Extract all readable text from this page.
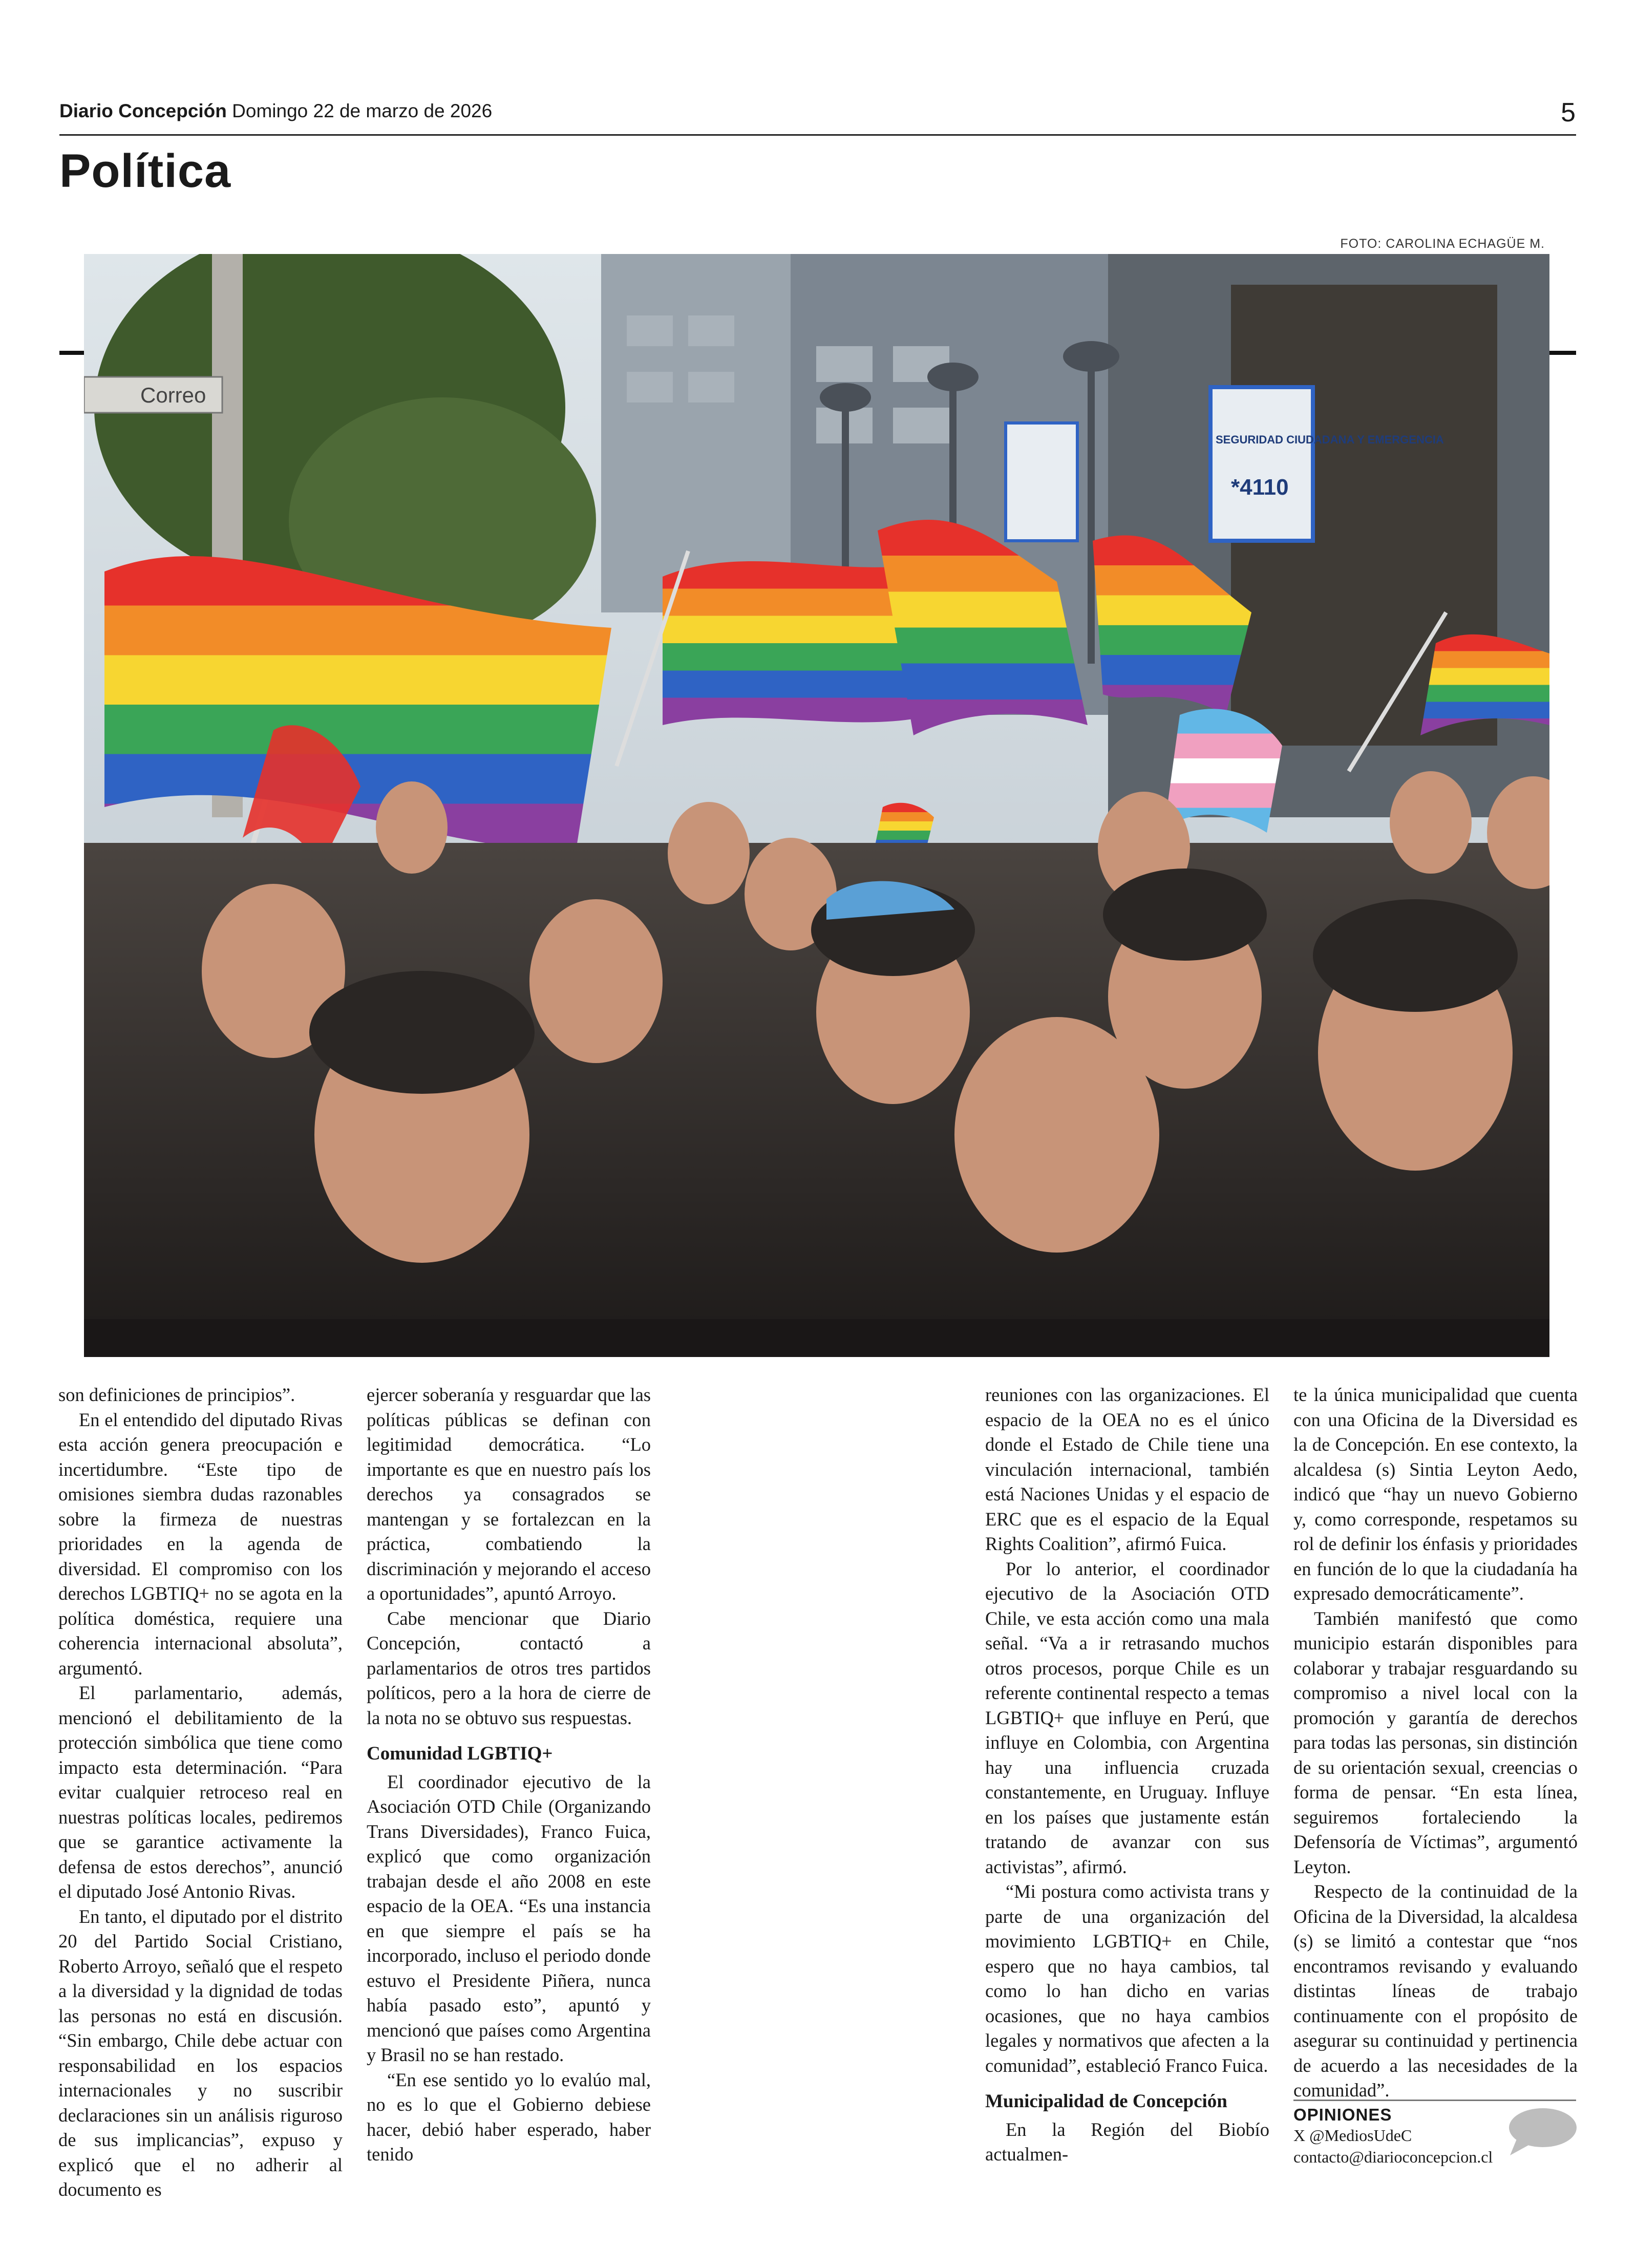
Diario Concepción Domingo 22 de marzo de 2026	5
Política
FOTO: CAROLINA ECHAGÜE M.
Correo
SEGURIDAD CIUDADANA Y EMERGENCIA
*4110

son definiciones de principios”.

En el entendido del diputado Rivas esta acción genera preocupación e incertidumbre. “Este tipo de omisiones siembra dudas razonables sobre la firmeza de nuestras prioridades en la agenda de diversidad. El compromiso con los derechos LGBTIQ+ no se agota en la política doméstica, requiere una coherencia internacional absoluta”, argumentó.

El parlamentario, además, mencionó el debilitamiento de la protección simbólica que tiene como impacto esta determinación. “Para evitar cualquier retroceso real en nuestras políticas locales, pediremos que se garantice activamente la defensa de estos derechos”, anunció el diputado José Antonio Rivas.

En tanto, el diputado por el distrito 20 del Partido Social Cristiano, Roberto Arroyo, señaló que el respeto a la diversidad y la dignidad de todas las personas no está en discusión. “Sin embargo, Chile debe actuar con responsabilidad en los espacios internacionales y no suscribir declaraciones sin un análisis riguroso de sus implicancias”, expuso y explicó que el no adherir al documento es

ejercer soberanía y resguardar que las políticas públicas se definan con legitimidad democrática. “Lo importante es que en nuestro país los derechos ya consagrados se mantengan y se fortalezcan en la práctica, combatiendo la discriminación y mejorando el acceso a oportunidades”, apuntó Arroyo.

Cabe mencionar que Diario Concepción, contactó a parlamentarios de otros tres partidos políticos, pero a la hora de cierre de la nota no se obtuvo sus respuestas.

Comunidad LGBTIQ+

El coordinador ejecutivo de la Asociación OTD Chile (Organizando Trans Diversidades), Franco Fuica, explicó que como organización trabajan desde el año 2008 en este espacio de la OEA. “Es una instancia en que siempre el país se ha incorporado, incluso el periodo donde estuvo el Presidente Piñera, nunca había pasado esto”, apuntó y mencionó que países como Argentina y Brasil no se han restado.

“En ese sentido yo lo evalúo mal, no es lo que el Gobierno debiese hacer, debió haber esperado, haber tenido

reuniones con las organizaciones. El espacio de la OEA no es el único donde el Estado de Chile tiene una vinculación internacional, también está Naciones Unidas y el espacio de ERC que es el espacio de la Equal Rights Coalition”, afirmó Fuica.

Por lo anterior, el coordinador ejecutivo de la Asociación OTD Chile, ve esta acción como una mala señal. “Va a ir retrasando muchos otros procesos, porque Chile es un referente continental respecto a temas LGBTIQ+ que influye en Perú, que influye en Colombia, con Argentina hay una influencia cruzada constantemente, en Uruguay. Influye en los países que justamente están tratando de avanzar con sus activistas”, afirmó.

“Mi postura como activista trans y parte de una organización del movimiento LGBTIQ+ en Chile, espero que no haya cambios, tal como lo han dicho en varias ocasiones, que no haya cambios legales y normativos que afecten a la comunidad”, estableció Franco Fuica.

Municipalidad de Concepción

En la Región del Biobío actualmen-

te la única municipalidad que cuenta con una Oficina de la Diversidad es la de Concepción. En ese contexto, la alcaldesa (s) Sintia Leyton Aedo, indicó que “hay un nuevo Gobierno y, como corresponde, respetamos su rol de definir los énfasis y prioridades en función de lo que la ciudadanía ha expresado democráticamente”.

También manifestó que como municipio estarán disponibles para colaborar y trabajar resguardando su compromiso a nivel local con la promoción y garantía de derechos para todas las personas, sin distinción de su orientación sexual, creencias o forma de pensar. “En esta línea, seguiremos fortaleciendo la Defensoría de Víctimas”, argumentó Leyton.

Respecto de la continuidad de la Oficina de la Diversidad, la alcaldesa (s) se limitó a contestar que “nos encontramos revisando y evaluando distintas líneas de trabajo continuamente con el propósito de asegurar su continuidad y pertinencia de acuerdo a las necesidades de la comunidad”.

OPINIONES
X @MediosUdeC
contacto@diarioconcepcion.cl
